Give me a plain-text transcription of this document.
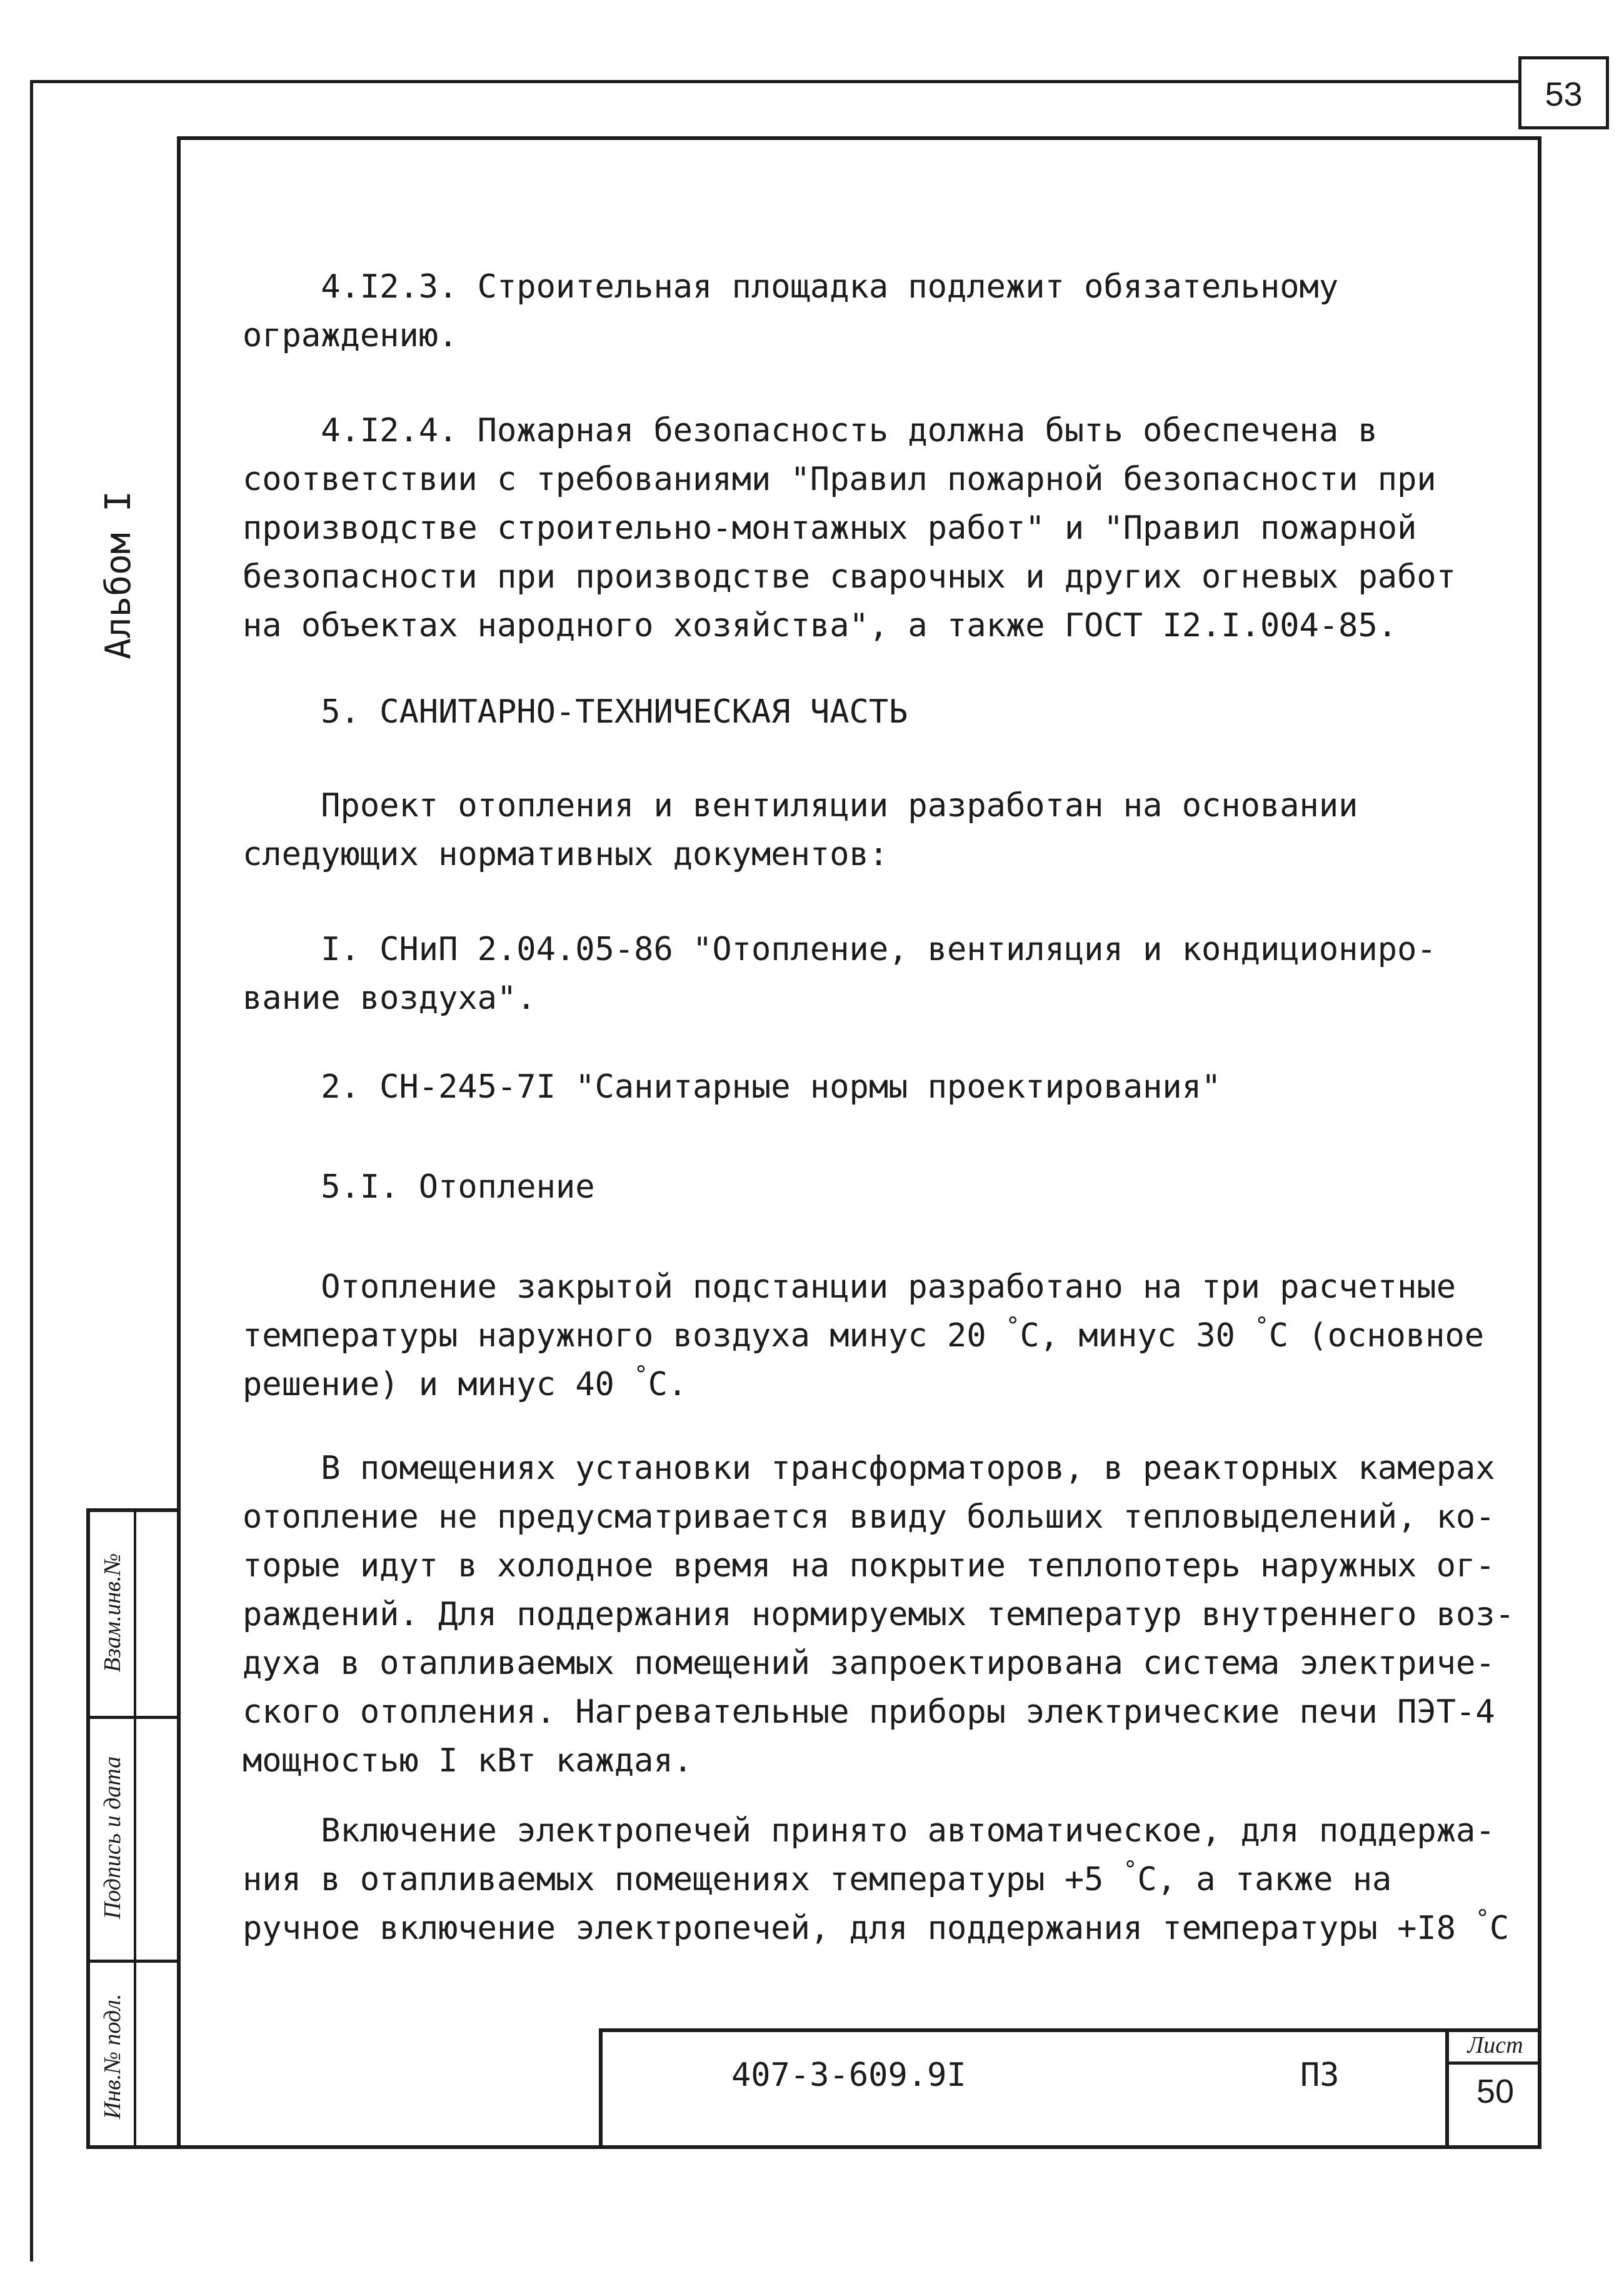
53
Альбом I
Взам.инв.№
Подпись и дата
Инв.№ подл.
4.I2.3. Строительная площадка подлежит обязательному
ограждению.
4.I2.4. Пожарная безопасность должна быть обеспечена в
соответствии с требованиями "Правил пожарной безопасности при
производстве строительно-монтажных работ" и "Правил пожарной
безопасности при производстве сварочных и других огневых работ
на объектах народного хозяйства", а также ГОСТ I2.I.004-85.
5. САНИТАРНО-ТЕХНИЧЕСКАЯ ЧАСТЬ
Проект отопления и вентиляции разработан на основании
следующих нормативных документов:
I. СНиП 2.04.05-86 "Отопление, вентиляция и кондициониро-
вание воздуха".
2. СН-245-7I "Санитарные нормы проектирования"
5.I. Отопление
Отопление закрытой подстанции разработано на три расчетные
температуры наружного воздуха минус 20 °С, минус 30 °С (основное
решение) и минус 40 °С.
В помещениях установки трансформаторов, в реакторных камерах
отопление не предусматривается ввиду больших тепловыделений, ко-
торые идут в холодное время на покрытие теплопотерь наружных ог-
раждений. Для поддержания нормируемых температур внутреннего воз-
духа в отапливаемых помещений запроектирована система электриче-
ского отопления. Нагревательные приборы электрические печи ПЭТ-4
мощностью I кВт каждая.
Включение электропечей принято автоматическое, для поддержа-
ния в отапливаемых помещениях температуры +5 °С, а также на
ручное включение электропечей, для поддержания температуры +I8 °С
407-3-609.9I	ПЗ
Лист
50
